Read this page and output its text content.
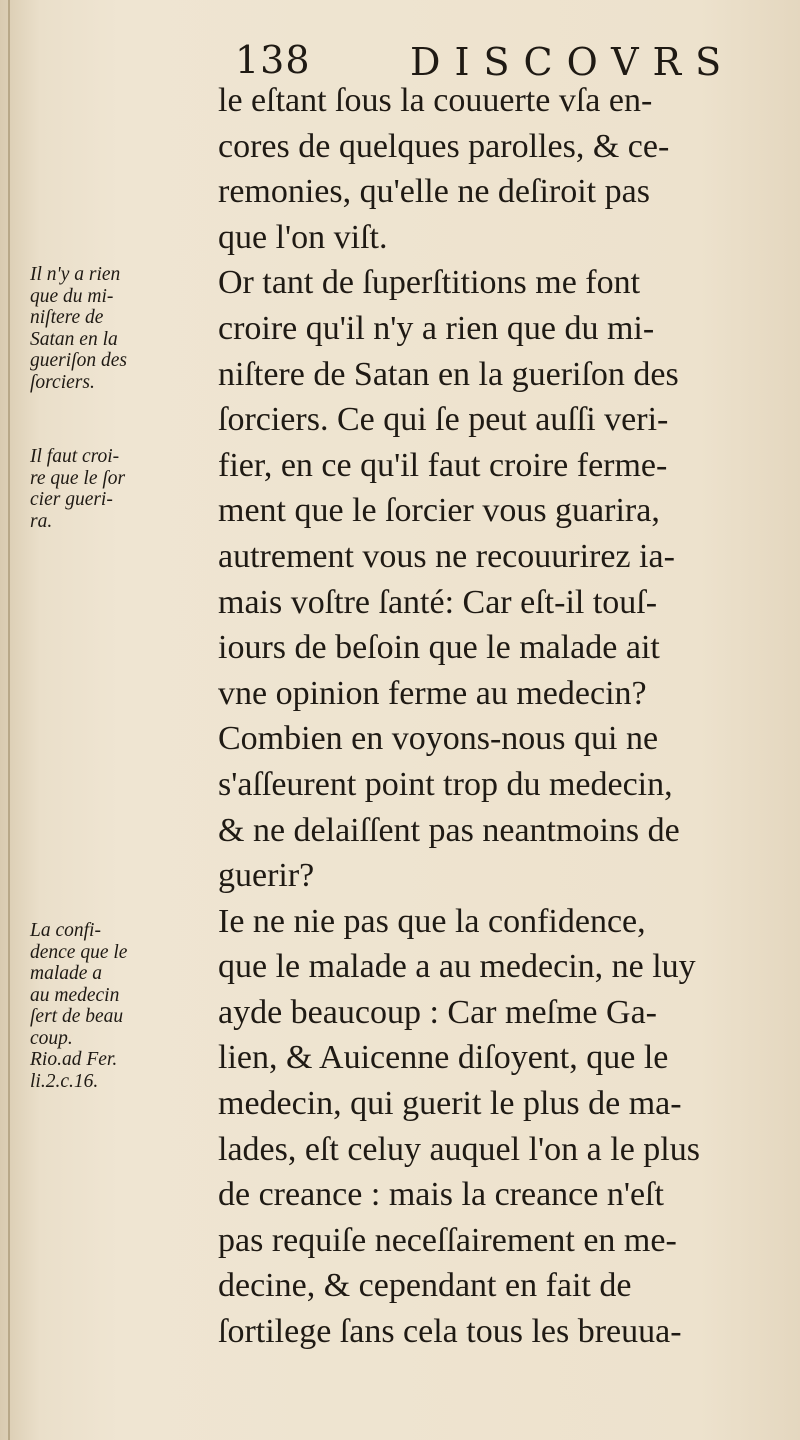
138	DISCOVRS
le eſtant ſous la couuerte vſa en-
cores de quelques parolles, & ce-
remonies, qu'elle ne deſiroit pas
que l'on viſt.
Or tant de ſuperſtitions me font
croire qu'il n'y a rien que du mi-
niſtere de Satan en la gueriſon des
ſorciers. Ce qui ſe peut auſſi veri-
fier, en ce qu'il faut croire ferme-
ment que le ſorcier vous guarira,
autrement vous ne recouurirez ia-
mais voſtre ſanté: Car eſt-il touſ-
iours de beſoin que le malade ait
vne opinion ferme au medecin?
Combien en voyons-nous qui ne
s'aſſeurent point trop du medecin,
& ne delaiſſent pas neantmoins de
guerir?
Ie ne nie pas que la confidence,
que le malade a au medecin, ne luy
ayde beaucoup : Car meſme Ga-
lien, & Auicenne diſoyent, que le
medecin, qui guerit le plus de ma-
lades, eſt celuy auquel l'on a le plus
de creance : mais la creance n'eſt
pas requiſe neceſſairement en me-
decine, & cependant en fait de
ſortilege ſans cela tous les breuua-
Il n'y a rien
que du mi-
niſtere de
Satan en la
gueriſon des
ſorciers.
Il faut croi-
re que le ſor
cier gueri-
ra.
La confi-
dence que le
malade a
au medecin
ſert de beau
coup.
Rio.ad Fer.
li.2.c.16.
